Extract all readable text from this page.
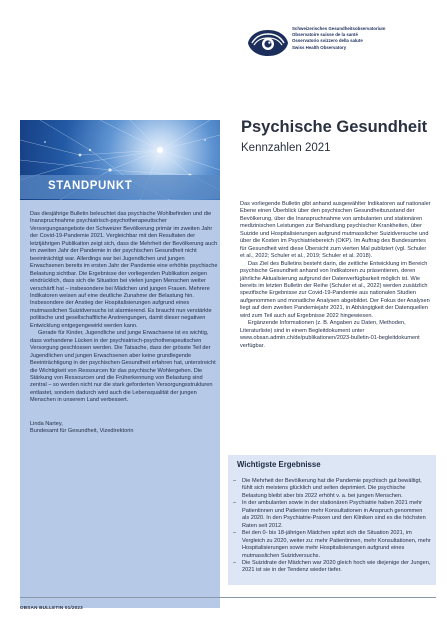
Schweizerisches Gesundheitsobservatorium
Observatoire suisse de la santé
Osservatorio svizzero della salute
Swiss Health Observatory
STANDPUNKT

Das diesjährige Bulletin beleuchtet das psychische Wohlbefinden und die Inanspruchnahme psychiatrisch-psychotherapeutischer Versorgungsangebote der Schweizer Bevölkerung primär im zweiten Jahr der Covid-19-Pandemie 2021. Vergleichbar mit den Resultaten der letztjährigen Publikation zeigt sich, dass die Mehrheit der Bevölkerung auch im zweiten Jahr der Pandemie in der psychischen Gesundheit nicht beeinträchtigt war. Allerdings war bei Jugendlichen und jungen Erwachsenen bereits im ersten Jahr der Pandemie eine erhöhte psychische Belastung sichtbar. Die Ergebnisse der vorliegenden Publikation zeigen eindrücklich, dass sich die Situation bei vielen jungen Menschen weiter verschärft hat – insbesondere bei Mädchen und jungen Frauen. Mehrere Indikatoren weisen auf eine deutliche Zunahme der Belastung hin. Insbesondere der Anstieg der Hospitalisierungen aufgrund eines mutmasslichen Suizidversuchs ist alarmierend. Es braucht nun verstärkte politische und gesellschaftliche Anstrengungen, damit dieser negativen Entwicklung entgegengewirkt werden kann.

Gerade für Kinder, Jugendliche und junge Erwachsene ist es wichtig, dass vorhandene Lücken in der psychiatrisch-psychotherapeutischen Versorgung geschlossen werden. Die Tatsache, dass der grösste Teil der Jugendlichen und jungen Erwachsenen aber keine grundlegende Beeinträchtigung in der psychischen Gesundheit erfahren hat, unterstreicht die Wichtigkeit von Ressourcen für das psychische Wohlergehen. Die Stärkung von Ressourcen und die Früherkennung von Belastung sind zentral – so werden nicht nur die stark geforderten Versorgungsstrukturen entlastet, sondern dadurch wird auch die Lebensqualität der jungen Menschen in unserem Land verbessert.

Linda Nartey,

Bundesamt für Gesundheit, Vizedirektorin

Psychische Gesundheit
Kennzahlen 2021

Das vorliegende Bulletin gibt anhand ausgewählter Indikatoren auf nationaler Ebene einen Überblick über den psychischen Gesundheitszustand der Bevölkerung, über die Inanspruchnahme von ambulanten und stationären medizinischen Leistungen zur Behandlung psychischer Krankheiten, über Suizide und Hospitalisierungen aufgrund mutmasslicher Suizidversuche und über die Kosten im Psychiatriebereich (OKP). Im Auftrag des Bundesamtes für Gesundheit wird diese Übersicht zum vierten Mal publiziert (vgl. Schuler et al., 2022; Schuler et al., 2019; Schuler et al. 2018).

Das Ziel des Bulletins besteht darin, die zeitliche Entwicklung im Bereich psychische Gesundheit anhand von Indikatoren zu präsentieren, deren jährliche Aktualisierung aufgrund der Datenverfügbarkeit möglich ist. Wie bereits im letzten Bulletin der Reihe (Schuler et al., 2022) werden zusätzlich spezifische Ergebnisse zur Covid-19-Pandemie aus nationalen Studien aufgenommen und monatliche Analysen abgebildet. Der Fokus der Analysen liegt auf dem zweiten Pandemiejahr 2021, in Abhängigkeit der Datenquellen wird zum Teil auch auf Ergebnisse 2022 hingewiesen.

Ergänzende Informationen (z. B. Angaben zu Daten, Methoden, Literaturliste) sind in einem Begleitdokument unter www.obsan.admin.ch/de/publikationen/2023-bulletin-01-begleitdokument verfügbar.

Wichtigste Ergebnisse
– Die Mehrheit der Bevölkerung hat die Pandemie psychisch gut bewältigt, fühlt sich meistens glücklich und selten deprimiert. Die psychische Belastung bleibt aber bis 2022 erhöht v. a. bei jungen Menschen.
– In der ambulanten sowie in der stationären Psychiatrie haben 2021 mehr Patientinnen und Patienten mehr Konsultationen in Anspruch genommen als 2020. In den Psychiatrie-Praxen und den Kliniken sind es die höchsten Raten seit 2012.
– Bei den 0- bis 18-jährigen Mädchen spitzt sich die Situation 2021, im Vergleich zu 2020, weiter zu: mehr Patientinnen, mehr Konsultationen, mehr Hospitalisierungen sowie mehr Hospitalisierungen aufgrund eines mutmasslichen Suizidversuchs.
– Die Suizidrate der Mädchen war 2020 gleich hoch wie diejenige der Jungen, 2021 ist sie in der Tendenz wieder tiefer.
OBSAN BULLETIN 01/2023
